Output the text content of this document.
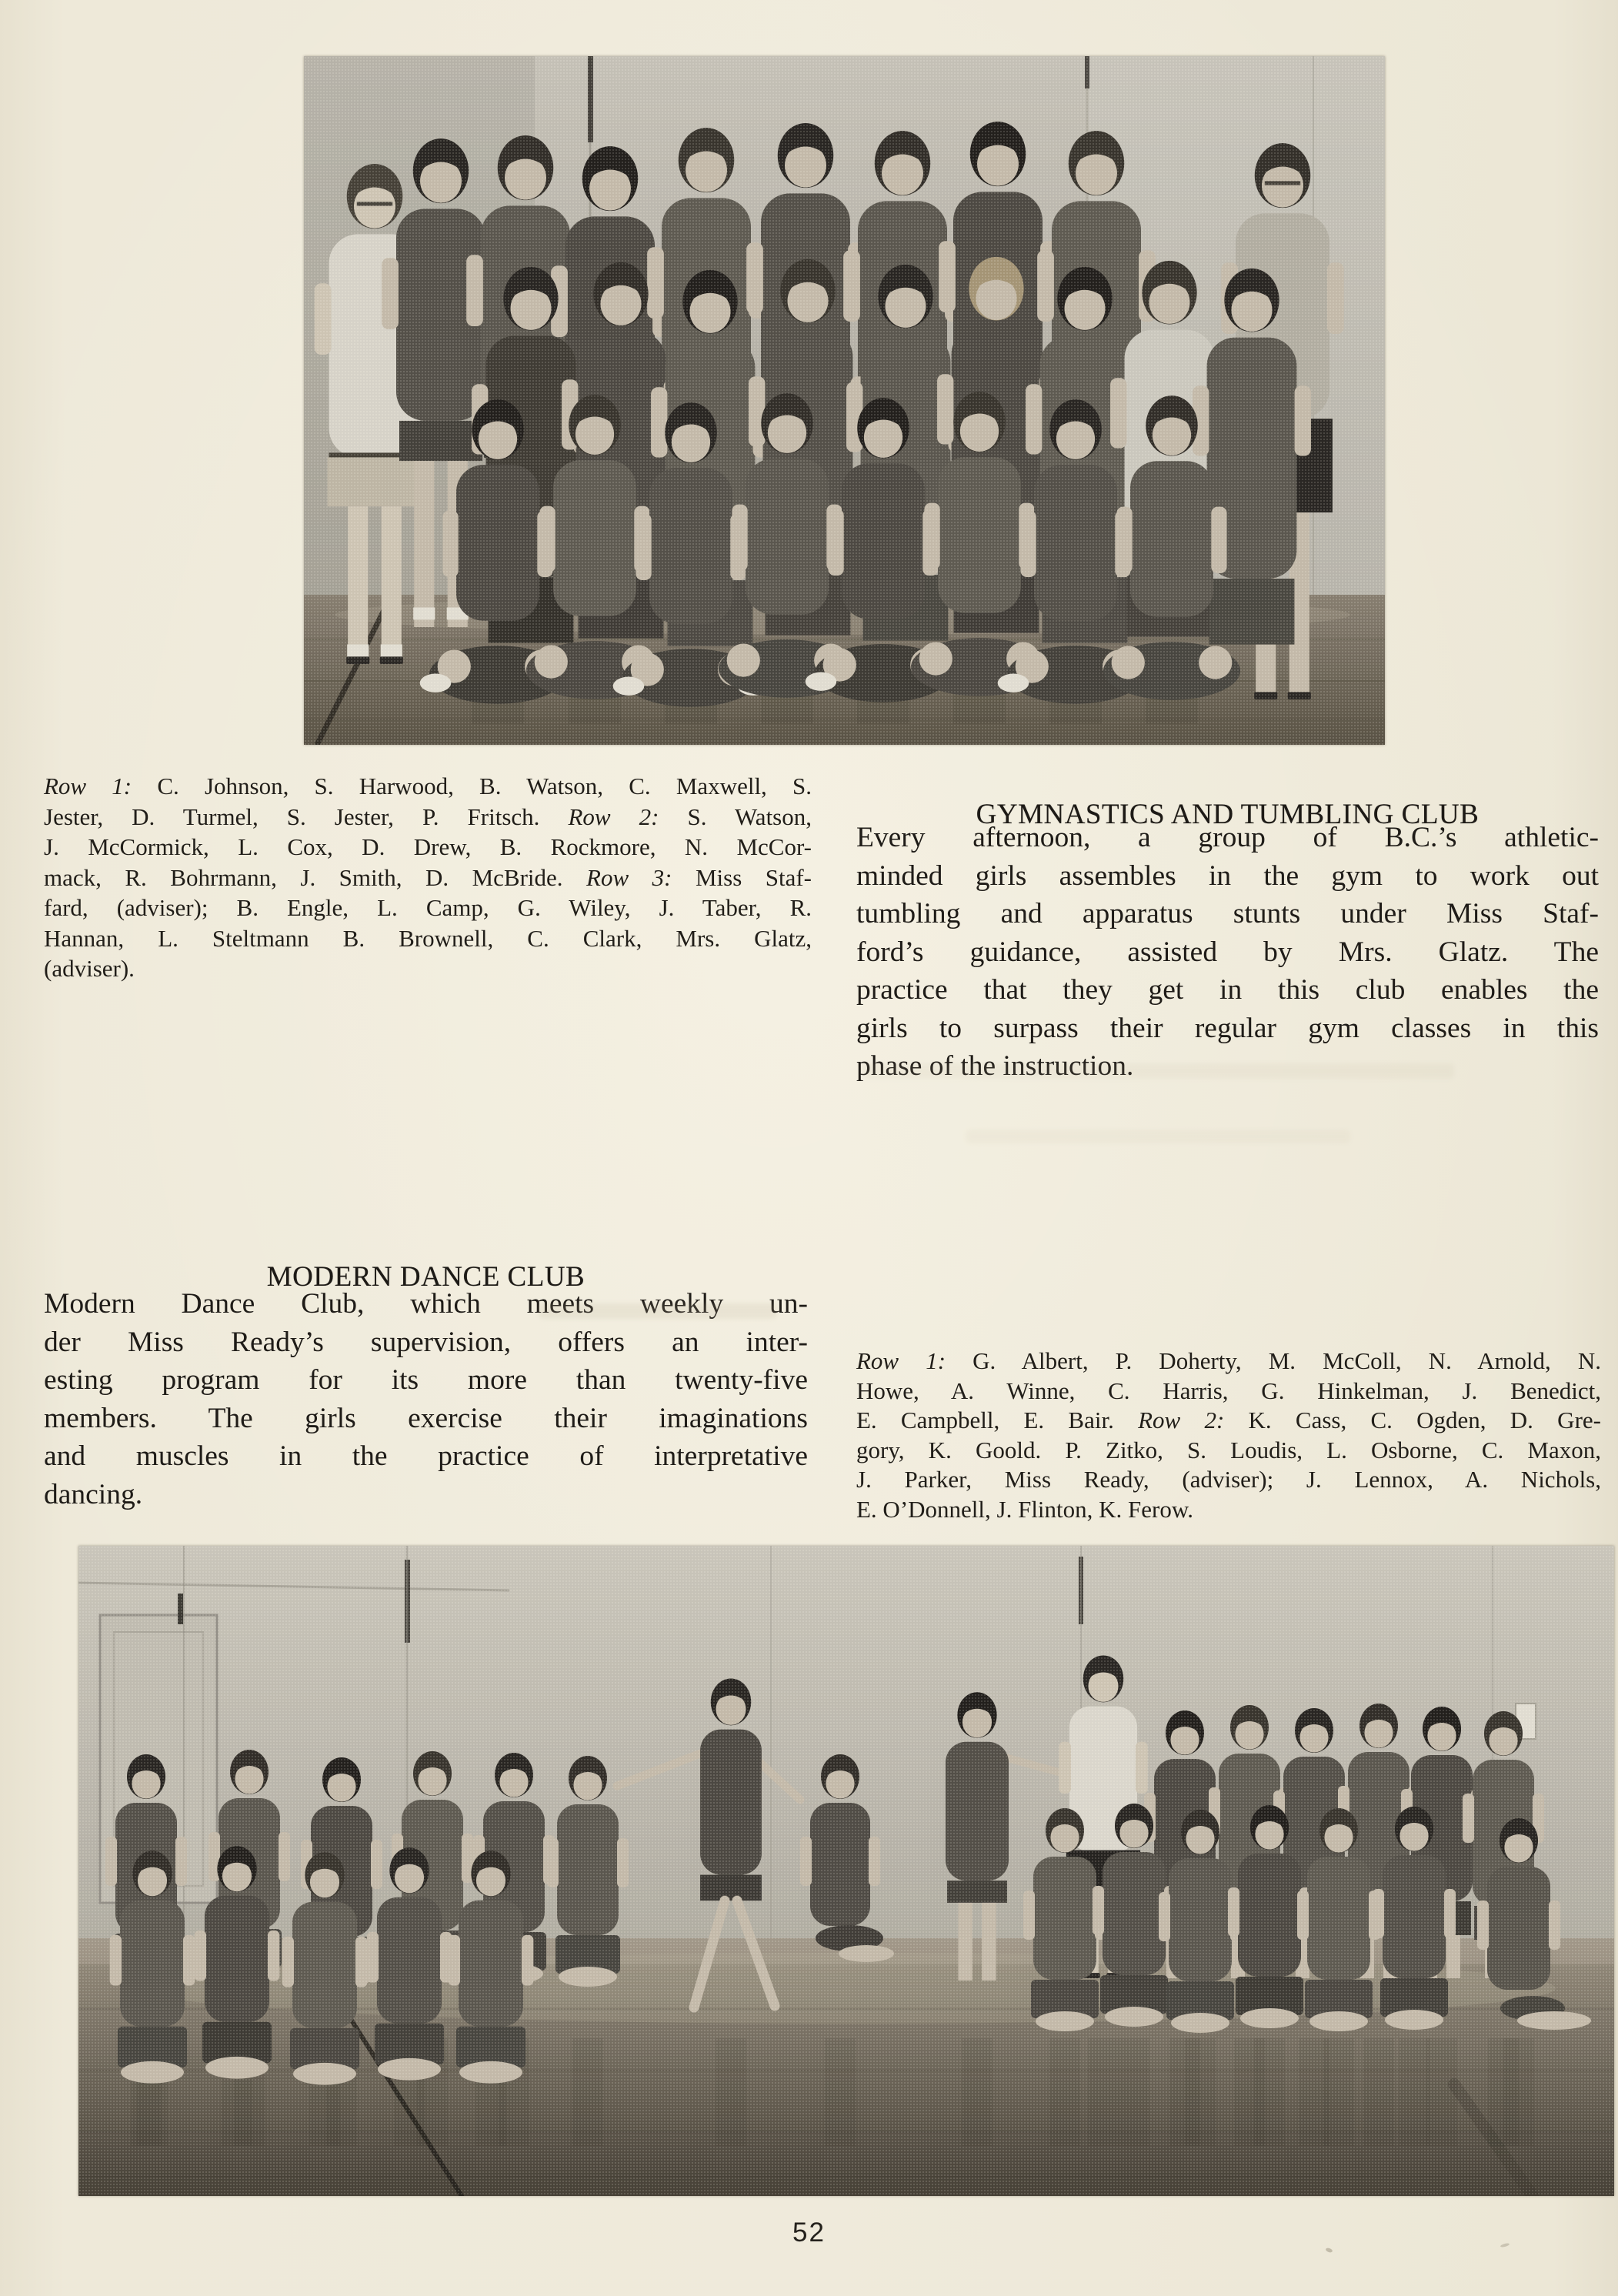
Row 1: C. Johnson, S. Harwood, B. Watson, C. Maxwell, S.
Jester, D. Turmel, S. Jester, P. Fritsch. Row 2: S. Watson,
J. McCormick, L. Cox, D. Drew, B. Rockmore, N. McCor-
mack, R. Bohrmann, J. Smith, D. McBride. Row 3: Miss Staf-
fard, (adviser); B. Engle, L. Camp, G. Wiley, J. Taber, R.
Hannan, L. Steltmann B. Brownell, C. Clark, Mrs. Glatz,
(adviser).
GYMNASTICS AND TUMBLING CLUB
Every afternoon, a group of B.C.’s athletic-
minded girls assembles in the gym to work out
tumbling and apparatus stunts under Miss Staf-
ford’s guidance, assisted by Mrs. Glatz. The
practice that they get in this club enables the
girls to surpass their regular gym classes in this
phase of the instruction.
MODERN DANCE CLUB
Modern Dance Club, which meets weekly un-
der Miss Ready’s supervision, offers an inter-
esting program for its more than twenty-five
members. The girls exercise their imaginations
and muscles in the practice of interpretative
dancing.
Row 1: G. Albert, P. Doherty, M. McColl, N. Arnold, N.
Howe, A. Winne, C. Harris, G. Hinkelman, J. Benedict,
E. Campbell, E. Bair. Row 2: K. Cass, C. Ogden, D. Gre-
gory, K. Goold. P. Zitko, S. Loudis, L. Osborne, C. Maxon,
J. Parker, Miss Ready, (adviser); J. Lennox, A. Nichols,
E. O’Donnell, J. Flinton, K. Ferow.
52
